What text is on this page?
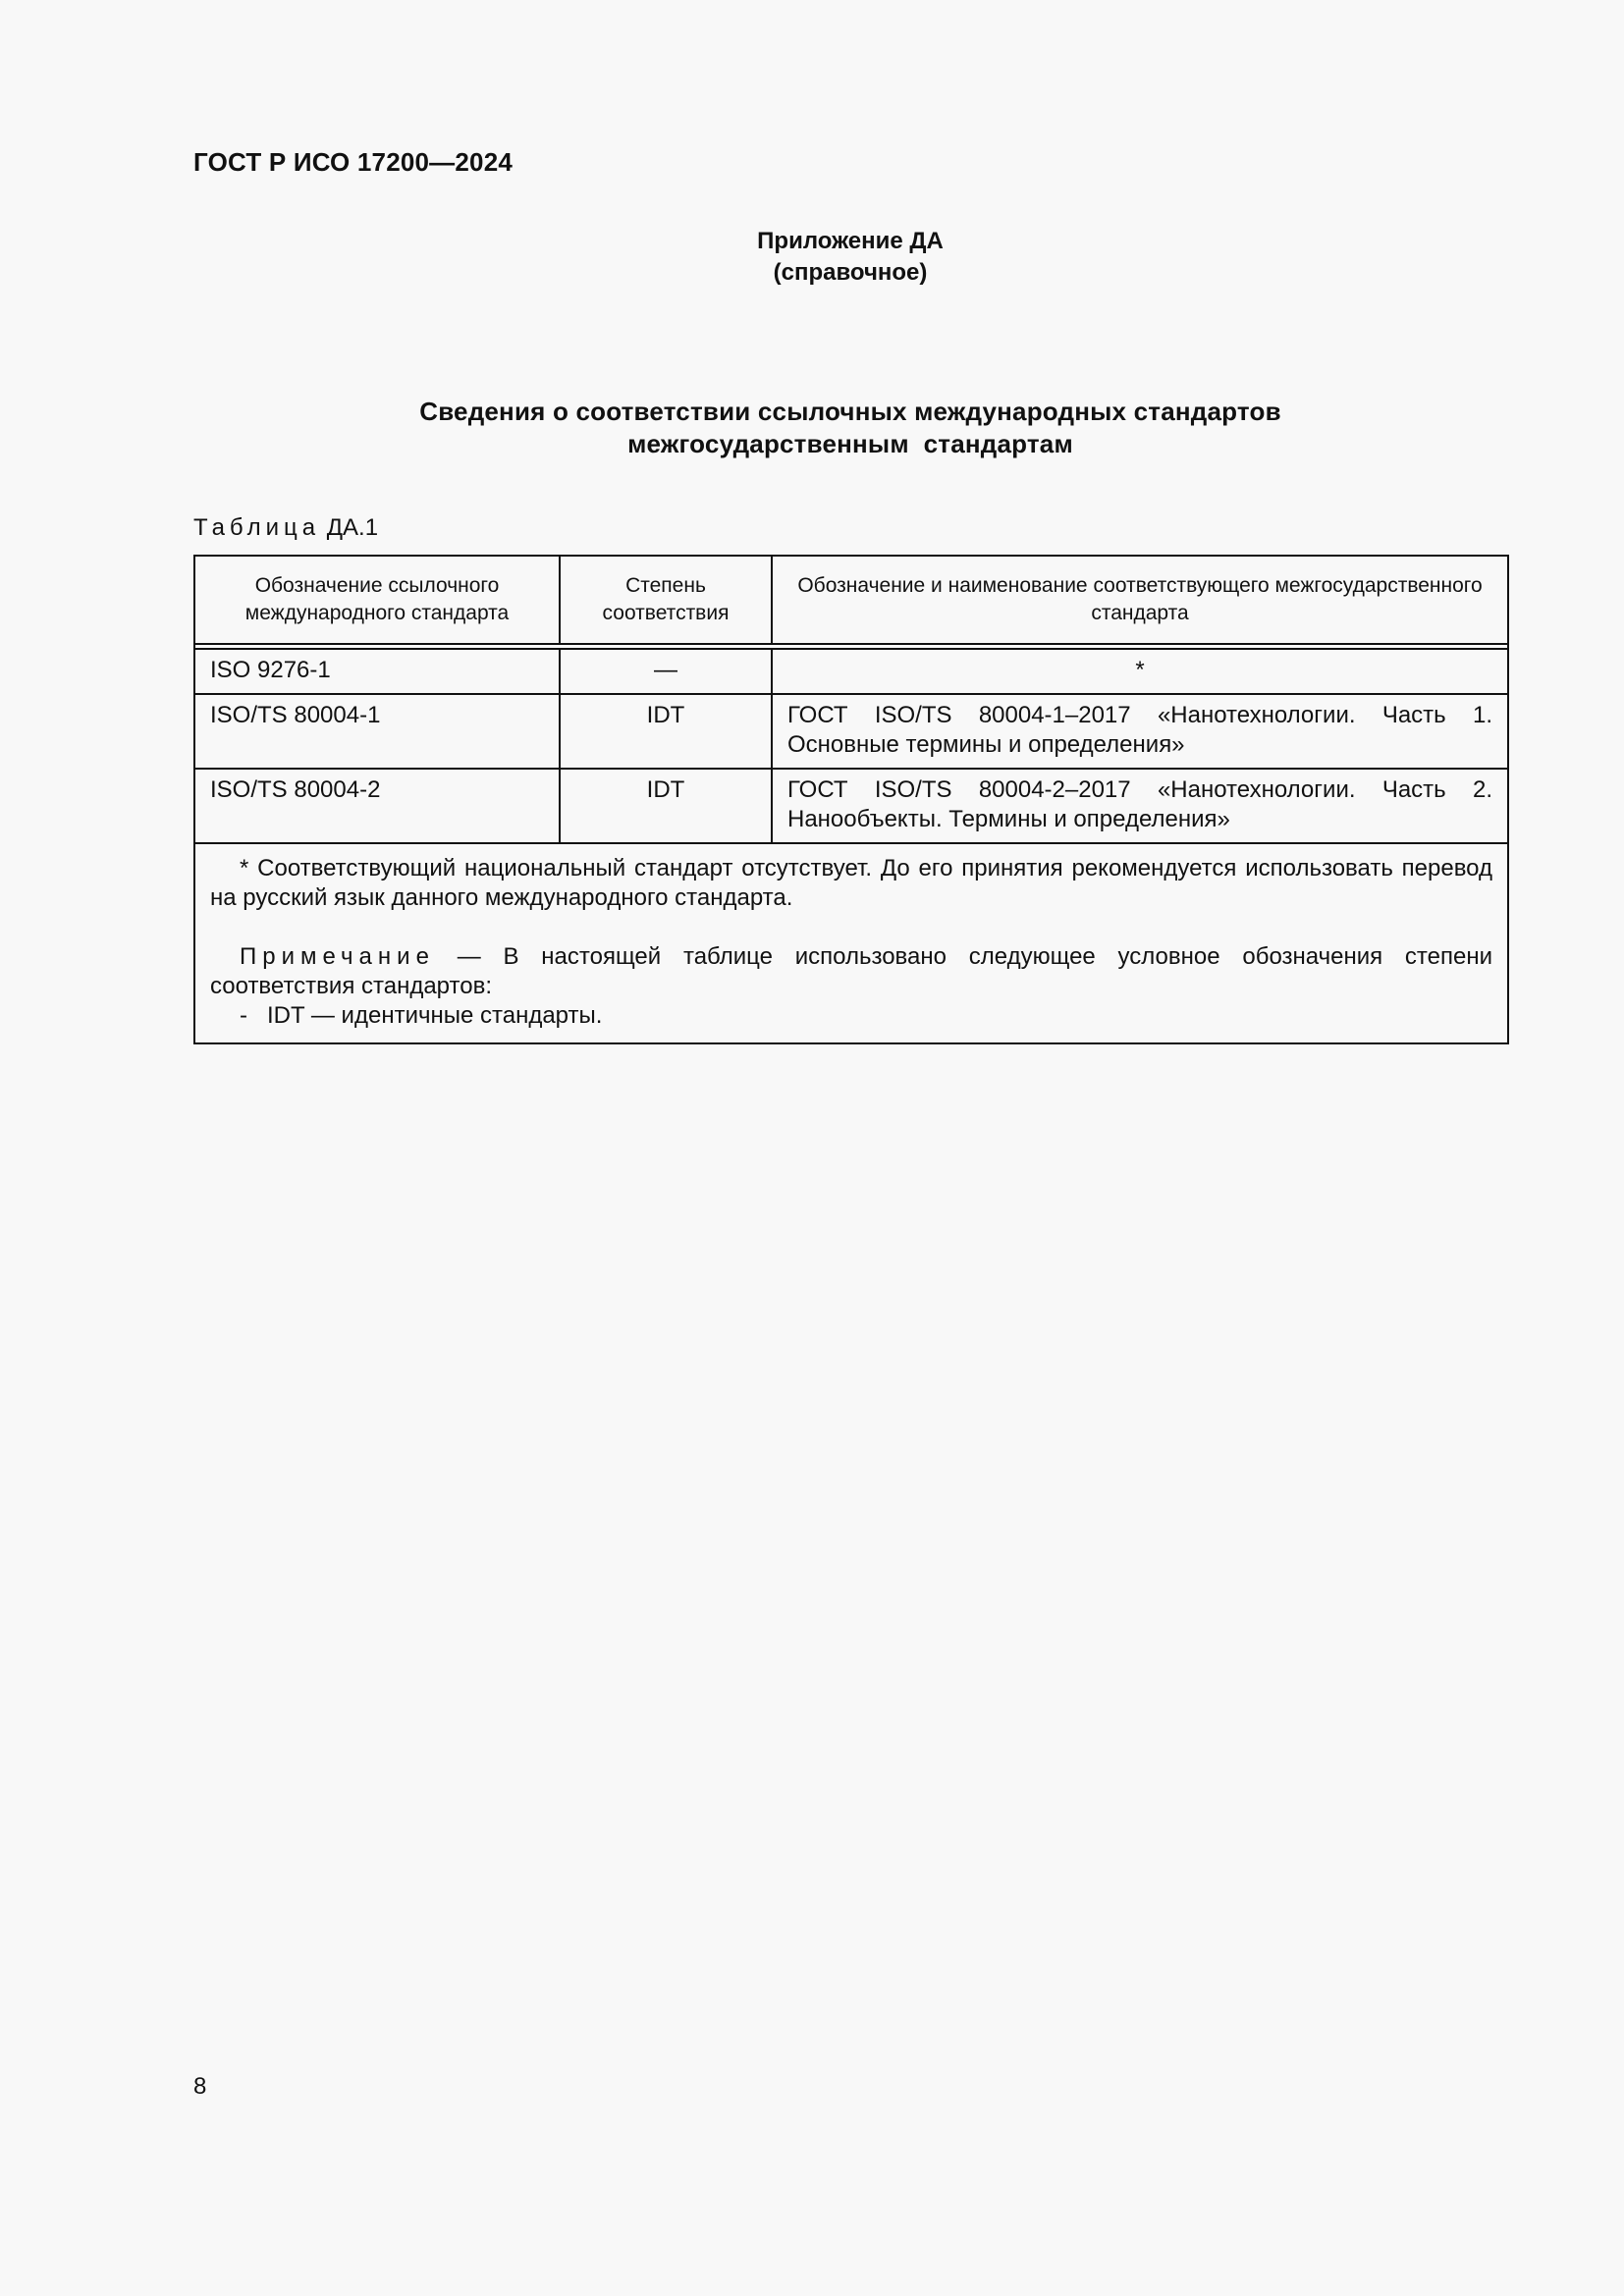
ГОСТ Р ИСО 17200—2024
Приложение ДА
(справочное)
Сведения о соответствии ссылочных международных стандартов
межгосударственным  стандартам
Таблица ДА.1
Обозначение ссылочного международного стандарта	Степень соответствия	Обозначение и наименование соответствующего межгосударственного стандарта

ISO 9276-1	—	*
ISO/TS 80004-1	IDT	ГОСТ ISO/TS 80004-1–2017 «Нанотехнологии. Часть 1. Основные термины и определения»
ISO/TS 80004-2	IDT	ГОСТ ISO/TS 80004-2–2017 «Нанотехнологии. Часть 2. Нанообъекты. Термины и определения»

* Соответствующий национальный стандарт отсутствует. До его принятия рекомендуется использовать перевод на русский язык данного международного стандарта.

Примечание — В настоящей таблице использовано следующее условное обозначения степени соответствия стандартов:

-   IDT — идентичные стандарты.		

8
